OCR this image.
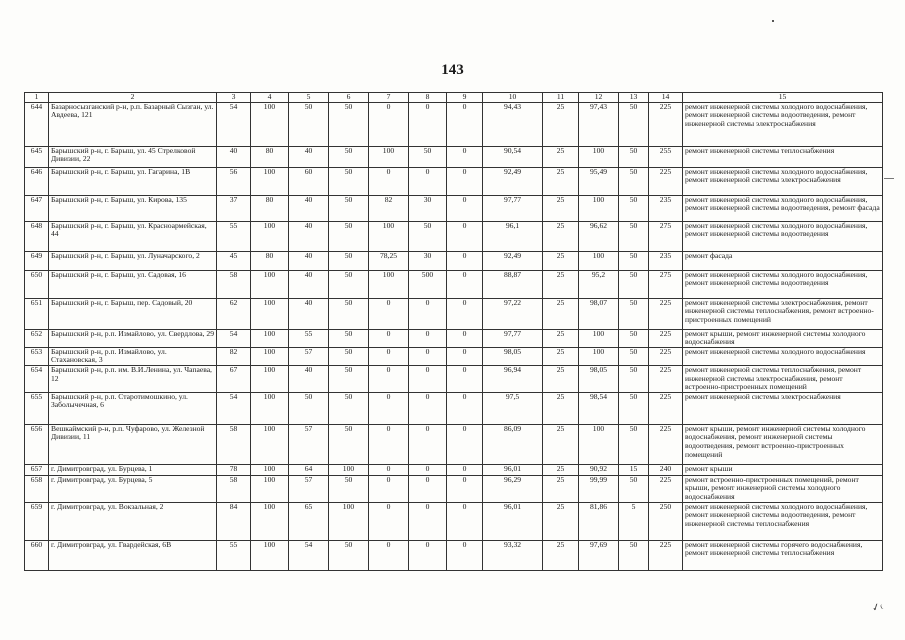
143
1	2	3	4	5	6	7	8	9	10	11	12	13	14	15
644	Базарносызганский р-н, р.п. Базарный Сызган, ул. Авдеева, 121	54	100	50	50	0	0	0	94,43	25	97,43	50	225	ремонт инженерной системы холодного водоснабжения, ремонт инженерной системы водоотведения, ремонт инженерной системы электроснабжения
645	Барышский р-н, г. Барыш, ул. 45 Стрелковой Дивизии, 22	40	80	40	50	100	50	0	90,54	25	100	50	255	ремонт инженерной системы теплоснабжения
646	Барышский р-н, г. Барыш, ул. Гагарина, 1В	56	100	60	50	0	0	0	92,49	25	95,49	50	225	ремонт инженерной системы холодного водоснабжения, ремонт инженерной системы электроснабжения
647	Барышский р-н, г. Барыш, ул. Кирова, 135	37	80	40	50	82	30	0	97,77	25	100	50	235	ремонт инженерной системы холодного водоснабжения, ремонт инженерной системы водоотведения, ремонт фасада
648	Барышский р-н, г. Барыш, ул. Красноармейская, 44	55	100	40	50	100	50	0	96,1	25	96,62	50	275	ремонт инженерной системы холодного водоснабжения, ремонт инженерной системы водоотведения
649	Барышский р-н, г. Барыш, ул. Луначарского, 2	45	80	40	50	78,25	30	0	92,49	25	100	50	235	ремонт фасада
650	Барышский р-н, г. Барыш, ул. Садовая, 16	58	100	40	50	100	500	0	88,87	25	95,2	50	275	ремонт инженерной системы холодного водоснабжения, ремонт инженерной системы водоотведения
651	Барышский р-н, г. Барыш, пер. Садовый, 20	62	100	40	50	0	0	0	97,22	25	98,07	50	225	ремонт инженерной системы электроснабжения, ремонт инженерной системы теплоснабжения, ремонт встроенно-пристроенных помещений
652	Барышский р-н, р.п. Измайлово, ул. Свердлова, 29	54	100	55	50	0	0	0	97,77	25	100	50	225	ремонт крыши, ремонт инженерной системы холодного водоснабжения
653	Барышский р-н, р.п. Измайлово, ул. Стахановская, 3	82	100	57	50	0	0	0	98,05	25	100	50	225	ремонт инженерной системы холодного водоснабжения
654	Барышский р-н, р.п. им. В.И.Ленина, ул. Чапаева, 12	67	100	40	50	0	0	0	96,94	25	98,05	50	225	ремонт инженерной системы теплоснабжения, ремонт инженерной системы электроснабжения, ремонт встроенно-пристроенных помещений
655	Барышский р-н, р.п. Старотимошкино, ул. Заболычечная, 6	54	100	50	50	0	0	0	97,5	25	98,54	50	225	ремонт инженерной системы электроснабжения
656	Вешкаймский р-н, р.п. Чуфарово, ул. Железной Дивизии, 11	58	100	57	50	0	0	0	86,09	25	100	50	225	ремонт крыши, ремонт инженерной системы холодного водоснабжения, ремонт инженерной системы водоотведения, ремонт встроенно-пристроенных помещений
657	г. Димитровград, ул. Бурцева, 1	78	100	64	100	0	0	0	96,01	25	90,92	15	240	ремонт крыши
658	г. Димитровград, ул. Бурцева, 5	58	100	57	50	0	0	0	96,29	25	99,99	50	225	ремонт встроенно-пристроенных помещений, ремонт крыши, ремонт инженерной системы холодного водоснабжения
659	г. Димитровград, ул. Вокзальная, 2	84	100	65	100	0	0	0	96,01	25	81,86	5	250	ремонт инженерной системы холодного водоснабжения, ремонт инженерной системы водоотведения, ремонт инженерной системы теплоснабжения
660	г. Димитровград, ул. Гвардейская, 6В	55	100	54	50	0	0	0	93,32	25	97,69	50	225	ремонт инженерной системы горячего водоснабжения, ремонт инженерной системы теплоснабжения
✓₍
